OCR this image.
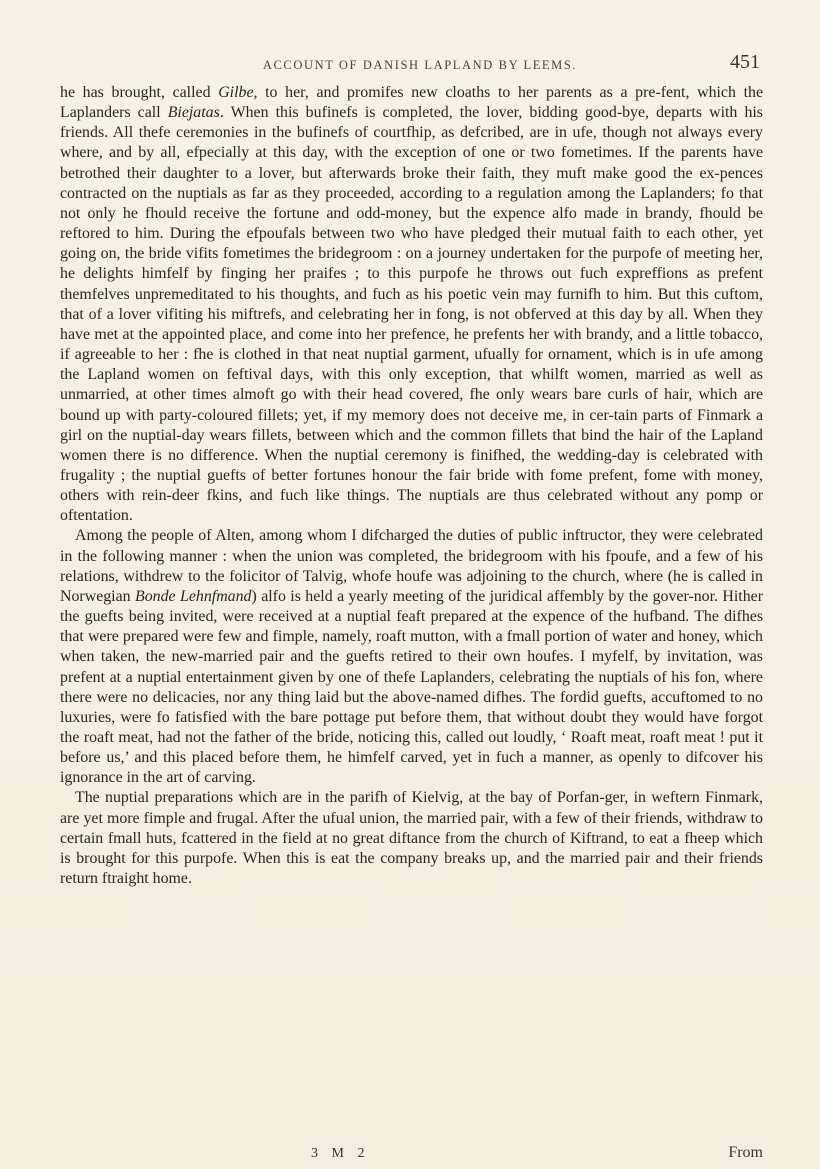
ACCOUNT OF DANISH LAPLAND BY LEEMS.	451

he has brought, called Gilbe, to her, and promifes new cloaths to her parents as a pre-fent, which the Laplanders call Biejatas. When this bufinefs is completed, the lover, bidding good-bye, departs with his friends. All thefe ceremonies in the bufinefs of courtfhip, as defcribed, are in ufe, though not always every where, and by all, efpecially at this day, with the exception of one or two fometimes. If the parents have betrothed their daughter to a lover, but afterwards broke their faith, they muft make good the ex-pences contracted on the nuptials as far as they proceeded, according to a regulation among the Laplanders; fo that not only he fhould receive the fortune and odd-money, but the expence alfo made in brandy, fhould be reftored to him. During the efpoufals between two who have pledged their mutual faith to each other, yet going on, the bride vifits fometimes the bridegroom : on a journey undertaken for the purpofe of meeting her, he delights himfelf by finging her praifes ; to this purpofe he throws out fuch expreffions as prefent themfelves unpremeditated to his thoughts, and fuch as his poetic vein may furnifh to him. But this cuftom, that of a lover vifiting his miftrefs, and celebrating her in fong, is not obferved at this day by all. When they have met at the appointed place, and come into her prefence, he prefents her with brandy, and a little tobacco, if agreeable to her : fhe is clothed in that neat nuptial garment, ufually for ornament, which is in ufe among the Lapland women on feftival days, with this only exception, that whilft women, married as well as unmarried, at other times almoft go with their head covered, fhe only wears bare curls of hair, which are bound up with party-coloured fillets; yet, if my memory does not deceive me, in cer-tain parts of Finmark a girl on the nuptial-day wears fillets, between which and the common fillets that bind the hair of the Lapland women there is no difference. When the nuptial ceremony is finifhed, the wedding-day is celebrated with frugality ; the nuptial guefts of better fortunes honour the fair bride with fome prefent, fome with money, others with rein-deer fkins, and fuch like things. The nuptials are thus celebrated without any pomp or oftentation.

Among the people of Alten, among whom I difcharged the duties of public inftructor, they were celebrated in the following manner : when the union was completed, the bridegroom with his fpoufe, and a few of his relations, withdrew to the folicitor of Talvig, whofe houfe was adjoining to the church, where (he is called in Norwegian Bonde Lehnfmand) alfo is held a yearly meeting of the juridical affembly by the gover-nor. Hither the guefts being invited, were received at a nuptial feaft prepared at the expence of the hufband. The difhes that were prepared were few and fimple, namely, roaft mutton, with a fmall portion of water and honey, which when taken, the new-married pair and the guefts retired to their own houfes. I myfelf, by invitation, was prefent at a nuptial entertainment given by one of thefe Laplanders, celebrating the nuptials of his fon, where there were no delicacies, nor any thing laid but the above-named difhes. The fordid guefts, accuftomed to no luxuries, were fo fatisfied with the bare pottage put before them, that without doubt they would have forgot the roaft meat, had not the father of the bride, noticing this, called out loudly, ‘ Roaft meat, roaft meat ! put it before us,’ and this placed before them, he himfelf carved, yet in fuch a manner, as openly to difcover his ignorance in the art of carving.

The nuptial preparations which are in the parifh of Kielvig, at the bay of Porfan-ger, in weftern Finmark, are yet more fimple and frugal. After the ufual union, the married pair, with a few of their friends, withdraw to certain fmall huts, fcattered in the field at no great diftance from the church of Kiftrand, to eat a fheep which is brought for this purpofe. When this is eat the company breaks up, and the married pair and their friends return ftraight home.

3 M 2	From
